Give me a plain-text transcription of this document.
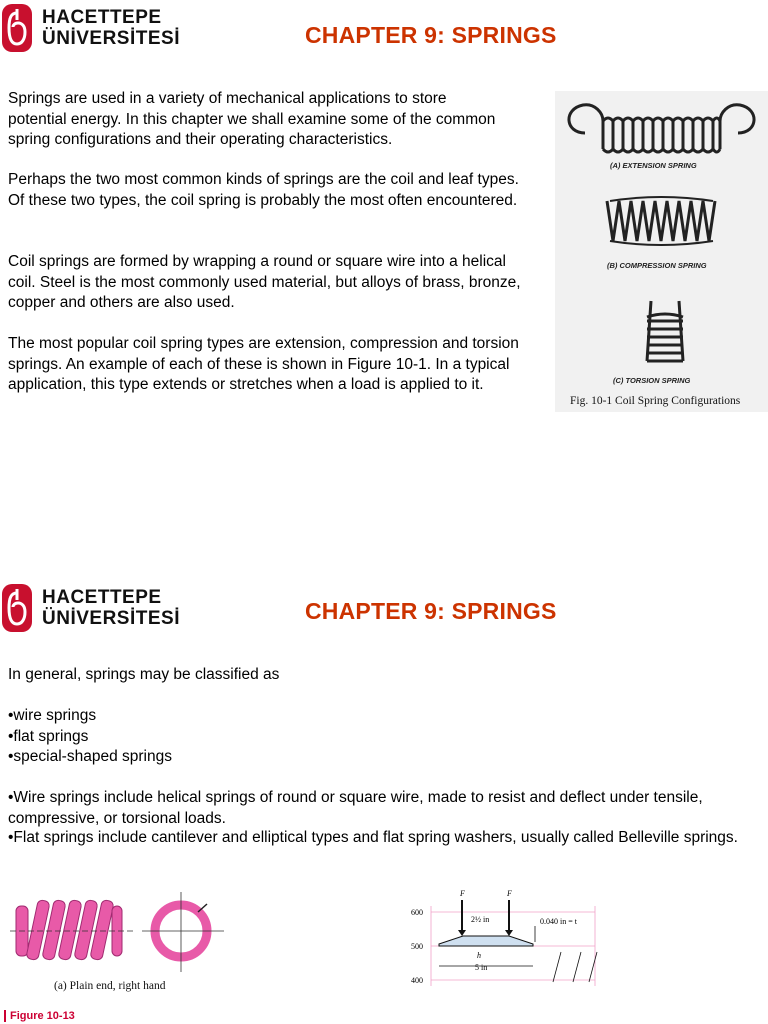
HACETTEPE
ÜNİVERSİTESİ	CHAPTER 9: SPRINGS

Springs are used in a variety of mechanical applications to store potential energy. In this chapter we shall examine some of the common spring configurations and their operating characteristics.

Perhaps the two most common kinds of springs are the coil and leaf types. Of these two types, the coil spring is probably the most often encountered.

Coil springs are formed by wrapping a round or square wire into a helical coil. Steel is the most commonly used material, but alloys of brass, bronze, copper and others are also used.

The most popular coil spring types are extension, compression and torsion springs. An example of each of these is shown in Figure 10-1. In a typical application, this type extends or stretches when a load is applied to it.

(A) EXTENSION SPRING
(B) COMPRESSION SPRING
(C) TORSION SPRING
Fig. 10-1 Coil Spring Configurations
HACETTEPE
ÜNİVERSİTESİ	CHAPTER 9: SPRINGS

In general, springs may be classified as

•wire springs
•flat springs
•special-shaped springs

•Wire springs include helical springs of round or square wire, made to resist and deflect under tensile, compressive, or torsional loads.

•Flat springs include cantilever and elliptical types and flat spring washers, usually called Belleville springs.

(a) Plain end, right hand
Figure 10-13
600
500
400
F	F
2½ in	0.040 in = t
h
5 in
